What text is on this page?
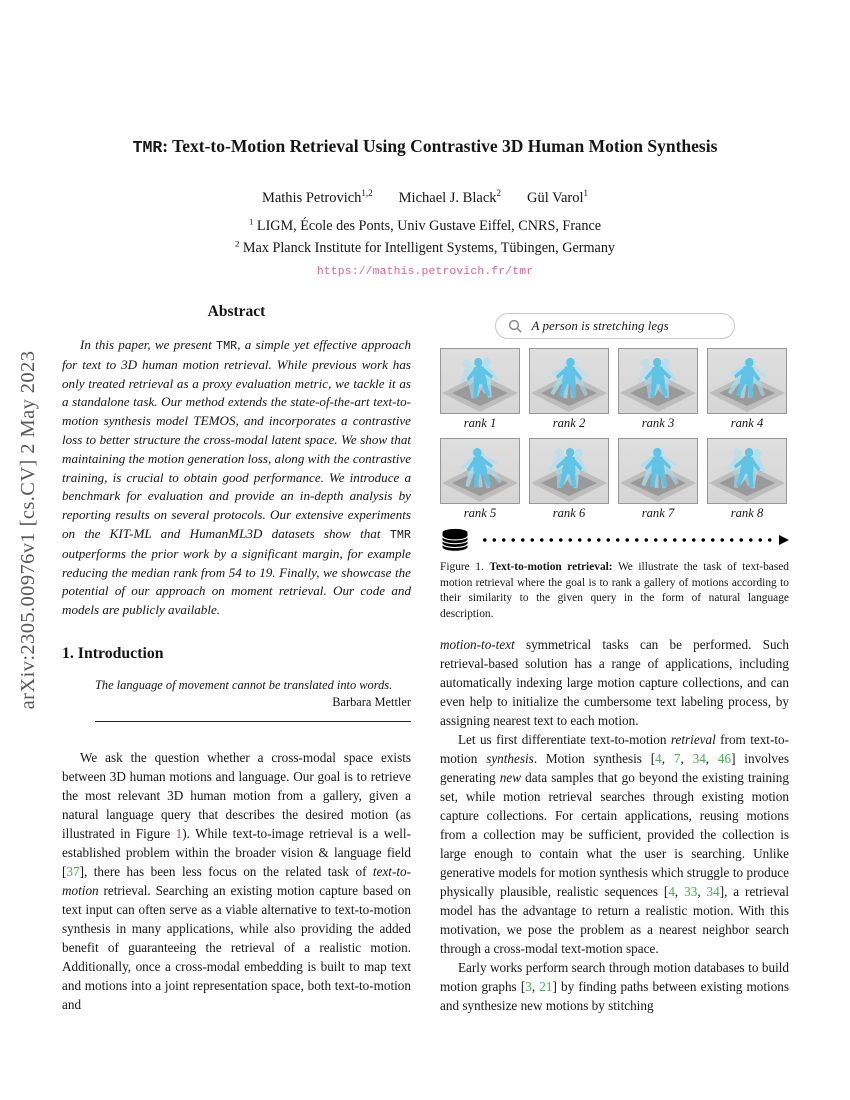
arXiv:2305.00976v1 [cs.CV] 2 May 2023
TMR: Text-to-Motion Retrieval Using Contrastive 3D Human Motion Synthesis
Mathis Petrovich$^{1,2}$ Michael J. Black$^2$ Gül Varol$^1$
$^1$ LIGM, École des Ponts, Univ Gustave Eiffel, CNRS, France
$^2$ Max Planck Institute for Intelligent Systems, Tübingen, Germany
https://mathis.petrovich.fr/tmr
Abstract

In this paper, we present TMR, a simple yet effective approach for text to 3D human motion retrieval. While previous work has only treated retrieval as a proxy evaluation metric, we tackle it as a standalone task. Our method extends the state-of-the-art text-to-motion synthesis model TEMOS, and incorporates a contrastive loss to better structure the cross-modal latent space. We show that maintaining the motion generation loss, along with the contrastive training, is crucial to obtain good performance. We introduce a benchmark for evaluation and provide an in-depth analysis by reporting results on several protocols. Our extensive experiments on the KIT-ML and HumanML3D datasets show that TMR outperforms the prior work by a significant margin, for example reducing the median rank from 54 to 19. Finally, we showcase the potential of our approach on moment retrieval. Our code and models are publicly available.

1. Introduction
The language of movement cannot be translated into words.
Barbara Mettler

We ask the question whether a cross-modal space exists between 3D human motions and language. Our goal is to retrieve the most relevant 3D human motion from a gallery, given a natural language query that describes the desired motion (as illustrated in Figure 1). While text-to-image retrieval is a well-established problem within the broader vision & language field [37], there has been less focus on the related task of text-to-motion retrieval. Searching an existing motion capture based on text input can often serve as a viable alternative to text-to-motion synthesis in many applications, while also providing the added benefit of guaranteeing the retrieval of a realistic motion. Additionally, once a cross-modal embedding is built to map text and motions into a joint representation space, both text-to-motion and

A person is stretching legs
rank 1	rank 2	rank 3	rank 4
rank 5	rank 6	rank 7	rank 8

Figure 1. Text-to-motion retrieval: We illustrate the task of text-based motion retrieval where the goal is to rank a gallery of motions according to their similarity to the given query in the form of natural language description.

motion-to-text symmetrical tasks can be performed. Such retrieval-based solution has a range of applications, including automatically indexing large motion capture collections, and can even help to initialize the cumbersome text labeling process, by assigning nearest text to each motion.

Let us first differentiate text-to-motion retrieval from text-to-motion synthesis. Motion synthesis [4, 7, 34, 46] involves generating new data samples that go beyond the existing training set, while motion retrieval searches through existing motion capture collections. For certain applications, reusing motions from a collection may be sufficient, provided the collection is large enough to contain what the user is searching. Unlike generative models for motion synthesis which struggle to produce physically plausible, realistic sequences [4, 33, 34], a retrieval model has the advantage to return a realistic motion. With this motivation, we pose the problem as a nearest neighbor search through a cross-modal text-motion space.

Early works perform search through motion databases to build motion graphs [3, 21] by finding paths between existing motions and synthesize new motions by stitching
